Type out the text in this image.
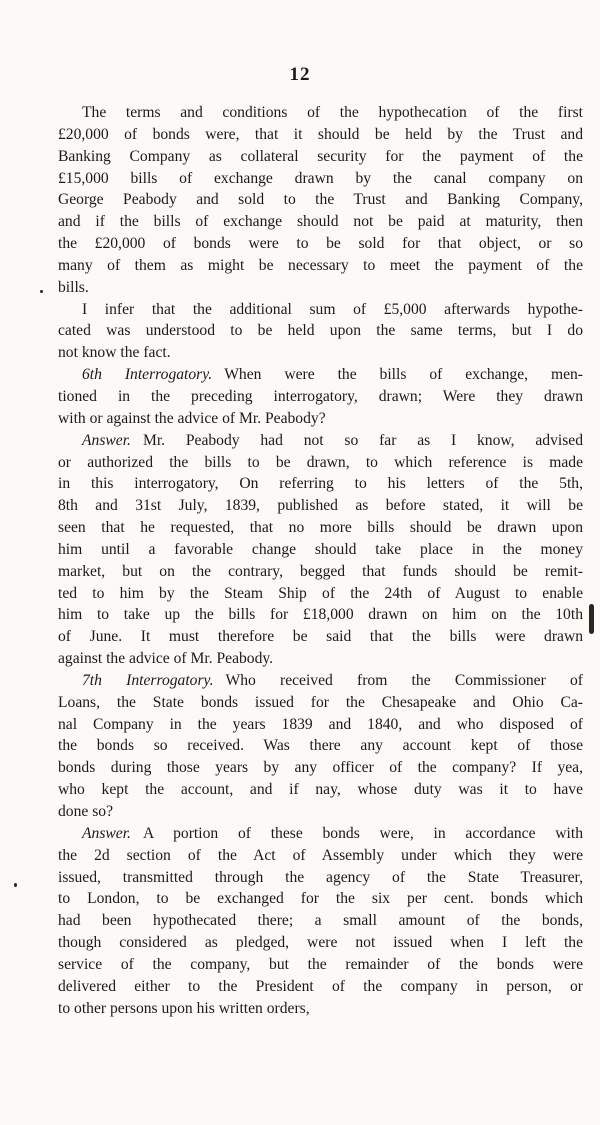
12
The terms and conditions of the hypothecation of the first
£20,000 of bonds were, that it should be held by the Trust and
Banking Company as collateral security for the payment of the
£15,000 bills of exchange drawn by the canal company on
George Peabody and sold to the Trust and Banking Company,
and if the bills of exchange should not be paid at maturity, then
the £20,000 of bonds were to be sold for that object, or so
many of them as might be necessary to meet the payment of the
bills.
I infer that the additional sum of £5,000 afterwards hypothe-
cated was understood to be held upon the same terms, but I do
not know the fact.
6th Interrogatory. When were the bills of exchange, men-
tioned in the preceding interrogatory, drawn; Were they drawn
with or against the advice of Mr. Peabody?
Answer. Mr. Peabody had not so far as I know, advised
or authorized the bills to be drawn, to which reference is made
in this interrogatory, On referring to his letters of the 5th,
8th and 31st July, 1839, published as before stated, it will be
seen that he requested, that no more bills should be drawn upon
him until a favorable change should take place in the money
market, but on the contrary, begged that funds should be remit-
ted to him by the Steam Ship of the 24th of August to enable
him to take up the bills for £18,000 drawn on him on the 10th
of June. It must therefore be said that the bills were drawn
against the advice of Mr. Peabody.
7th Interrogatory. Who received from the Commissioner of
Loans, the State bonds issued for the Chesapeake and Ohio Ca-
nal Company in the years 1839 and 1840, and who disposed of
the bonds so received. Was there any account kept of those
bonds during those years by any officer of the company? If yea,
who kept the account, and if nay, whose duty was it to have
done so?
Answer. A portion of these bonds were, in accordance with
the 2d section of the Act of Assembly under which they were
issued, transmitted through the agency of the State Treasurer,
to London, to be exchanged for the six per cent. bonds which
had been hypothecated there; a small amount of the bonds,
though considered as pledged, were not issued when I left the
service of the company, but the remainder of the bonds were
delivered either to the President of the company in person, or
to other persons upon his written orders,
